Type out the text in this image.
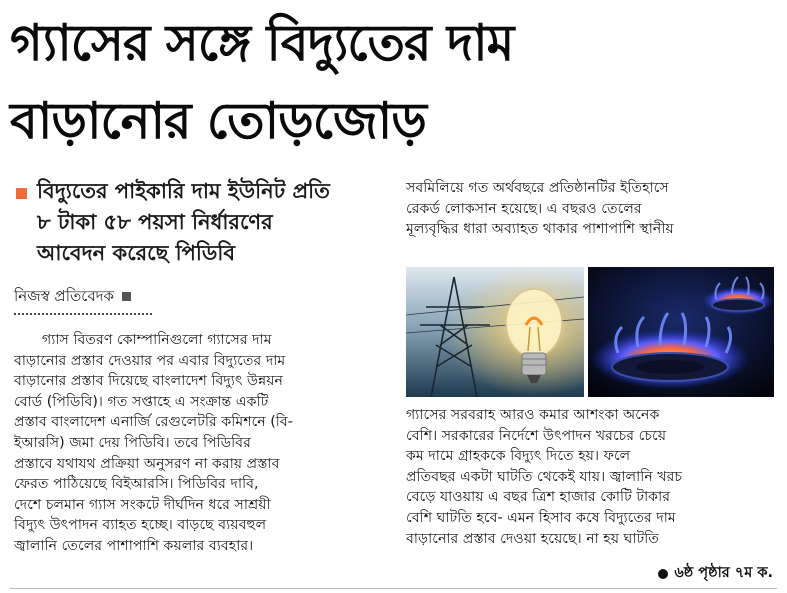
গ্যাসের সঙ্গে বিদ্যুতের দাম
বাড়ানোর তোড়জোড়
বিদ্যুতের পাইকারি দাম ইউনিট প্রতি
৮ টাকা ৫৮ পয়সা নির্ধারণের
আবেদন করেছে পিডিবি
নিজস্ব প্রতিবেদক
গ্যাস বিতরণ কোম্পানিগুলো গ্যাসের দাম
বাড়ানোর প্রস্তাব দেওয়ার পর এবার বিদ্যুতের দাম
বাড়ানোর প্রস্তাব দিয়েছে বাংলাদেশ বিদ্যুৎ উন্নয়ন
বোর্ড (পিডিবি)। গত সপ্তাহে এ সংক্রান্ত একটি
প্রস্তাব বাংলাদেশ এনার্জি রেগুলেটরি কমিশনে (বি-
ইআরসি) জমা দেয় পিডিবি। তবে পিডিবির
প্রস্তাবে যথাযথ প্রক্রিয়া অনুসরণ না করায় প্রস্তাব
ফেরত পাঠিয়েছে বিইআরসি। পিডিবির দাবি,
দেশে চলমান গ্যাস সংকটে দীর্ঘদিন ধরে সাশ্রয়ী
বিদ্যুৎ উৎপাদন ব্যাহত হচ্ছে। বাড়ছে ব্যয়বহুল
জ্বালানি তেলের পাশাপাশি কয়লার ব্যবহার।
সবমিলিয়ে গত অর্থবছরে প্রতিষ্ঠানটির ইতিহাসে
রেকর্ড লোকসান হয়েছে। এ বছরও তেলের
মূল্যবৃদ্ধির ধারা অব্যাহত থাকার পাশাপাশি স্থানীয়
গ্যাসের সরবরাহ আরও কমার আশংকা অনেক
বেশি। সরকারের নির্দেশে উৎপাদন খরচের চেয়ে
কম দামে গ্রাহককে বিদ্যুৎ দিতে হয়। ফলে
প্রতিবছর একটা ঘাটতি থেকেই যায়। জ্বালানি খরচ
বেড়ে যাওয়ায় এ বছর ত্রিশ হাজার কোটি টাকার
বেশি ঘাটতি হবে- এমন হিসাব কষে বিদ্যুতের দাম
বাড়ানোর প্রস্তাব দেওয়া হয়েছে। না হয় ঘাটতি
৬ষ্ঠ পৃষ্ঠার ৭ম ক.
